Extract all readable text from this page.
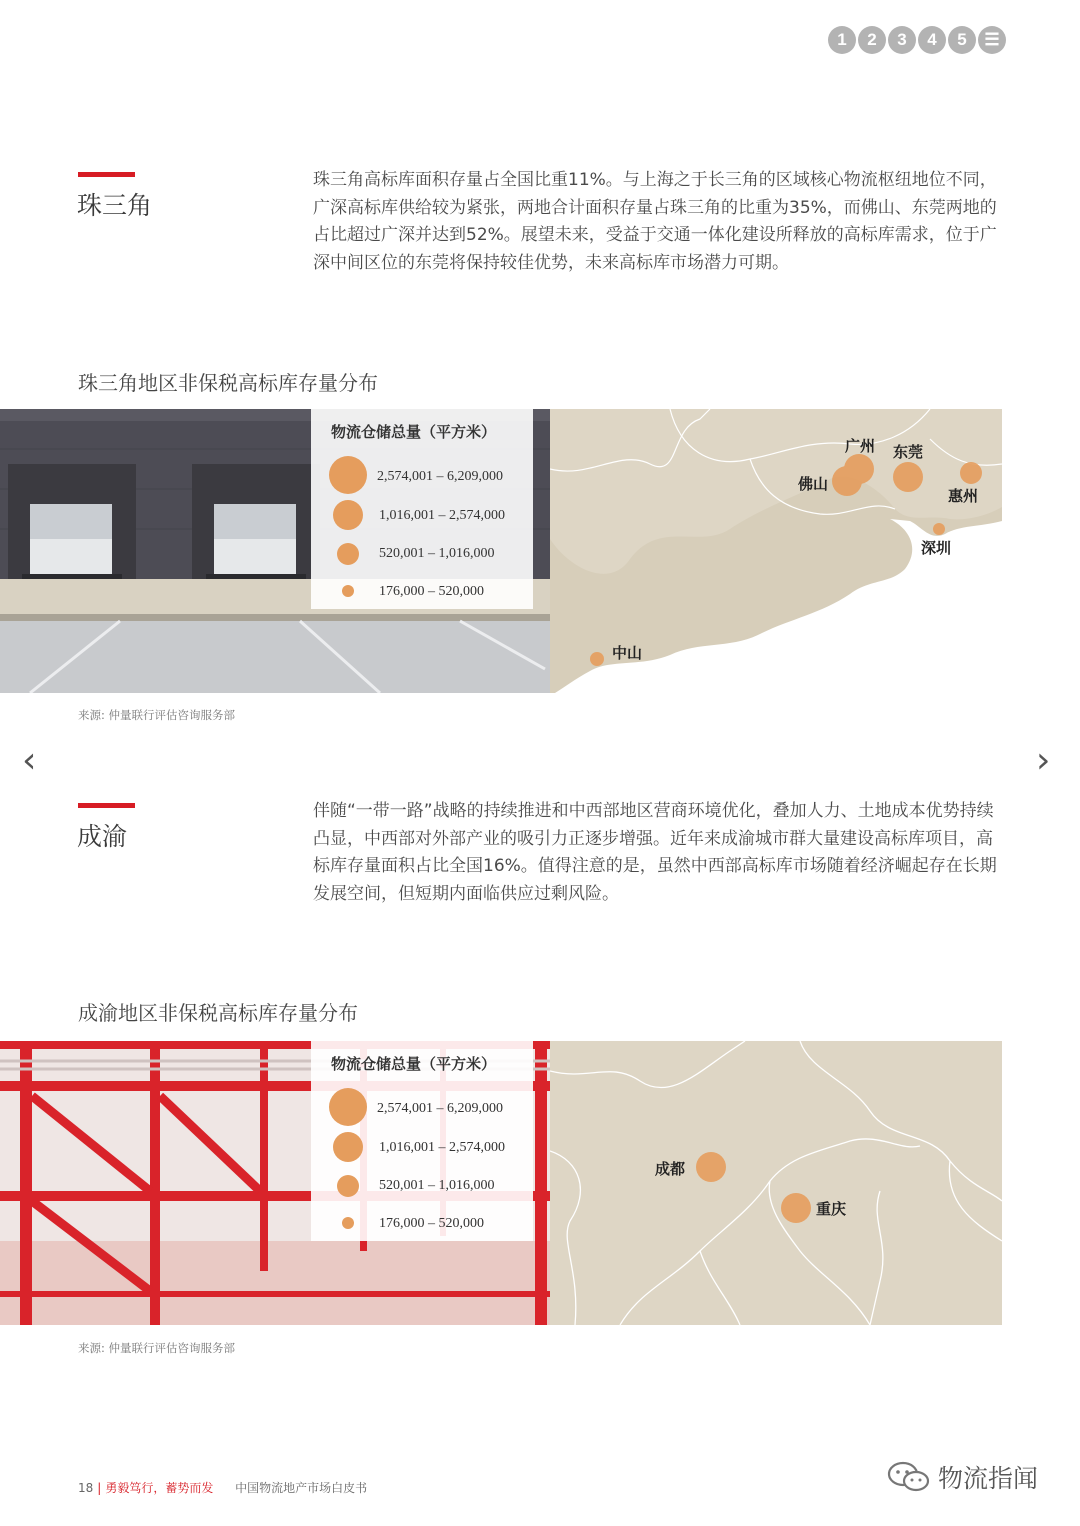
1	2	3	4	5	☰
珠三角
珠三角高标库面积存量占全国比重11%。与上海之于长三角的区域核心物流枢纽地位不同，广深高标库供给较为紧张，两地合计面积存量占珠三角的比重为35%，而佛山、东莞两地的占比超过广深并达到52%。展望未来，受益于交通一体化建设所释放的高标库需求，位于广深中间区位的东莞将保持较佳优势，未来高标库市场潜力可期。
珠三角地区非保税高标库存量分布
广州 东莞
佛山
惠州
深圳
中山
物流仓储总量（平方米）
2,574,001 – 6,209,000
1,016,001 – 2,574,000
520,001 – 1,016,000
176,000 – 520,000
来源: 仲量联行评估咨询服务部
‹	›
成渝
伴随“一带一路”战略的持续推进和中西部地区营商环境优化，叠加人力、土地成本优势持续凸显，中西部对外部产业的吸引力正逐步增强。近年来成渝城市群大量建设高标库项目，高标库存量面积占比全国16%。值得注意的是，虽然中西部高标库市场随着经济崛起存在长期发展空间，但短期内面临供应过剩风险。
成渝地区非保税高标库存量分布
成都
重庆
物流仓储总量（平方米）
2,574,001 – 6,209,000
1,016,001 – 2,574,000
520,001 – 1,016,000
176,000 – 520,000
来源: 仲量联行评估咨询服务部
18 | 勇毅笃行，蓄势而发 中国物流地产市场白皮书	物流指闻
